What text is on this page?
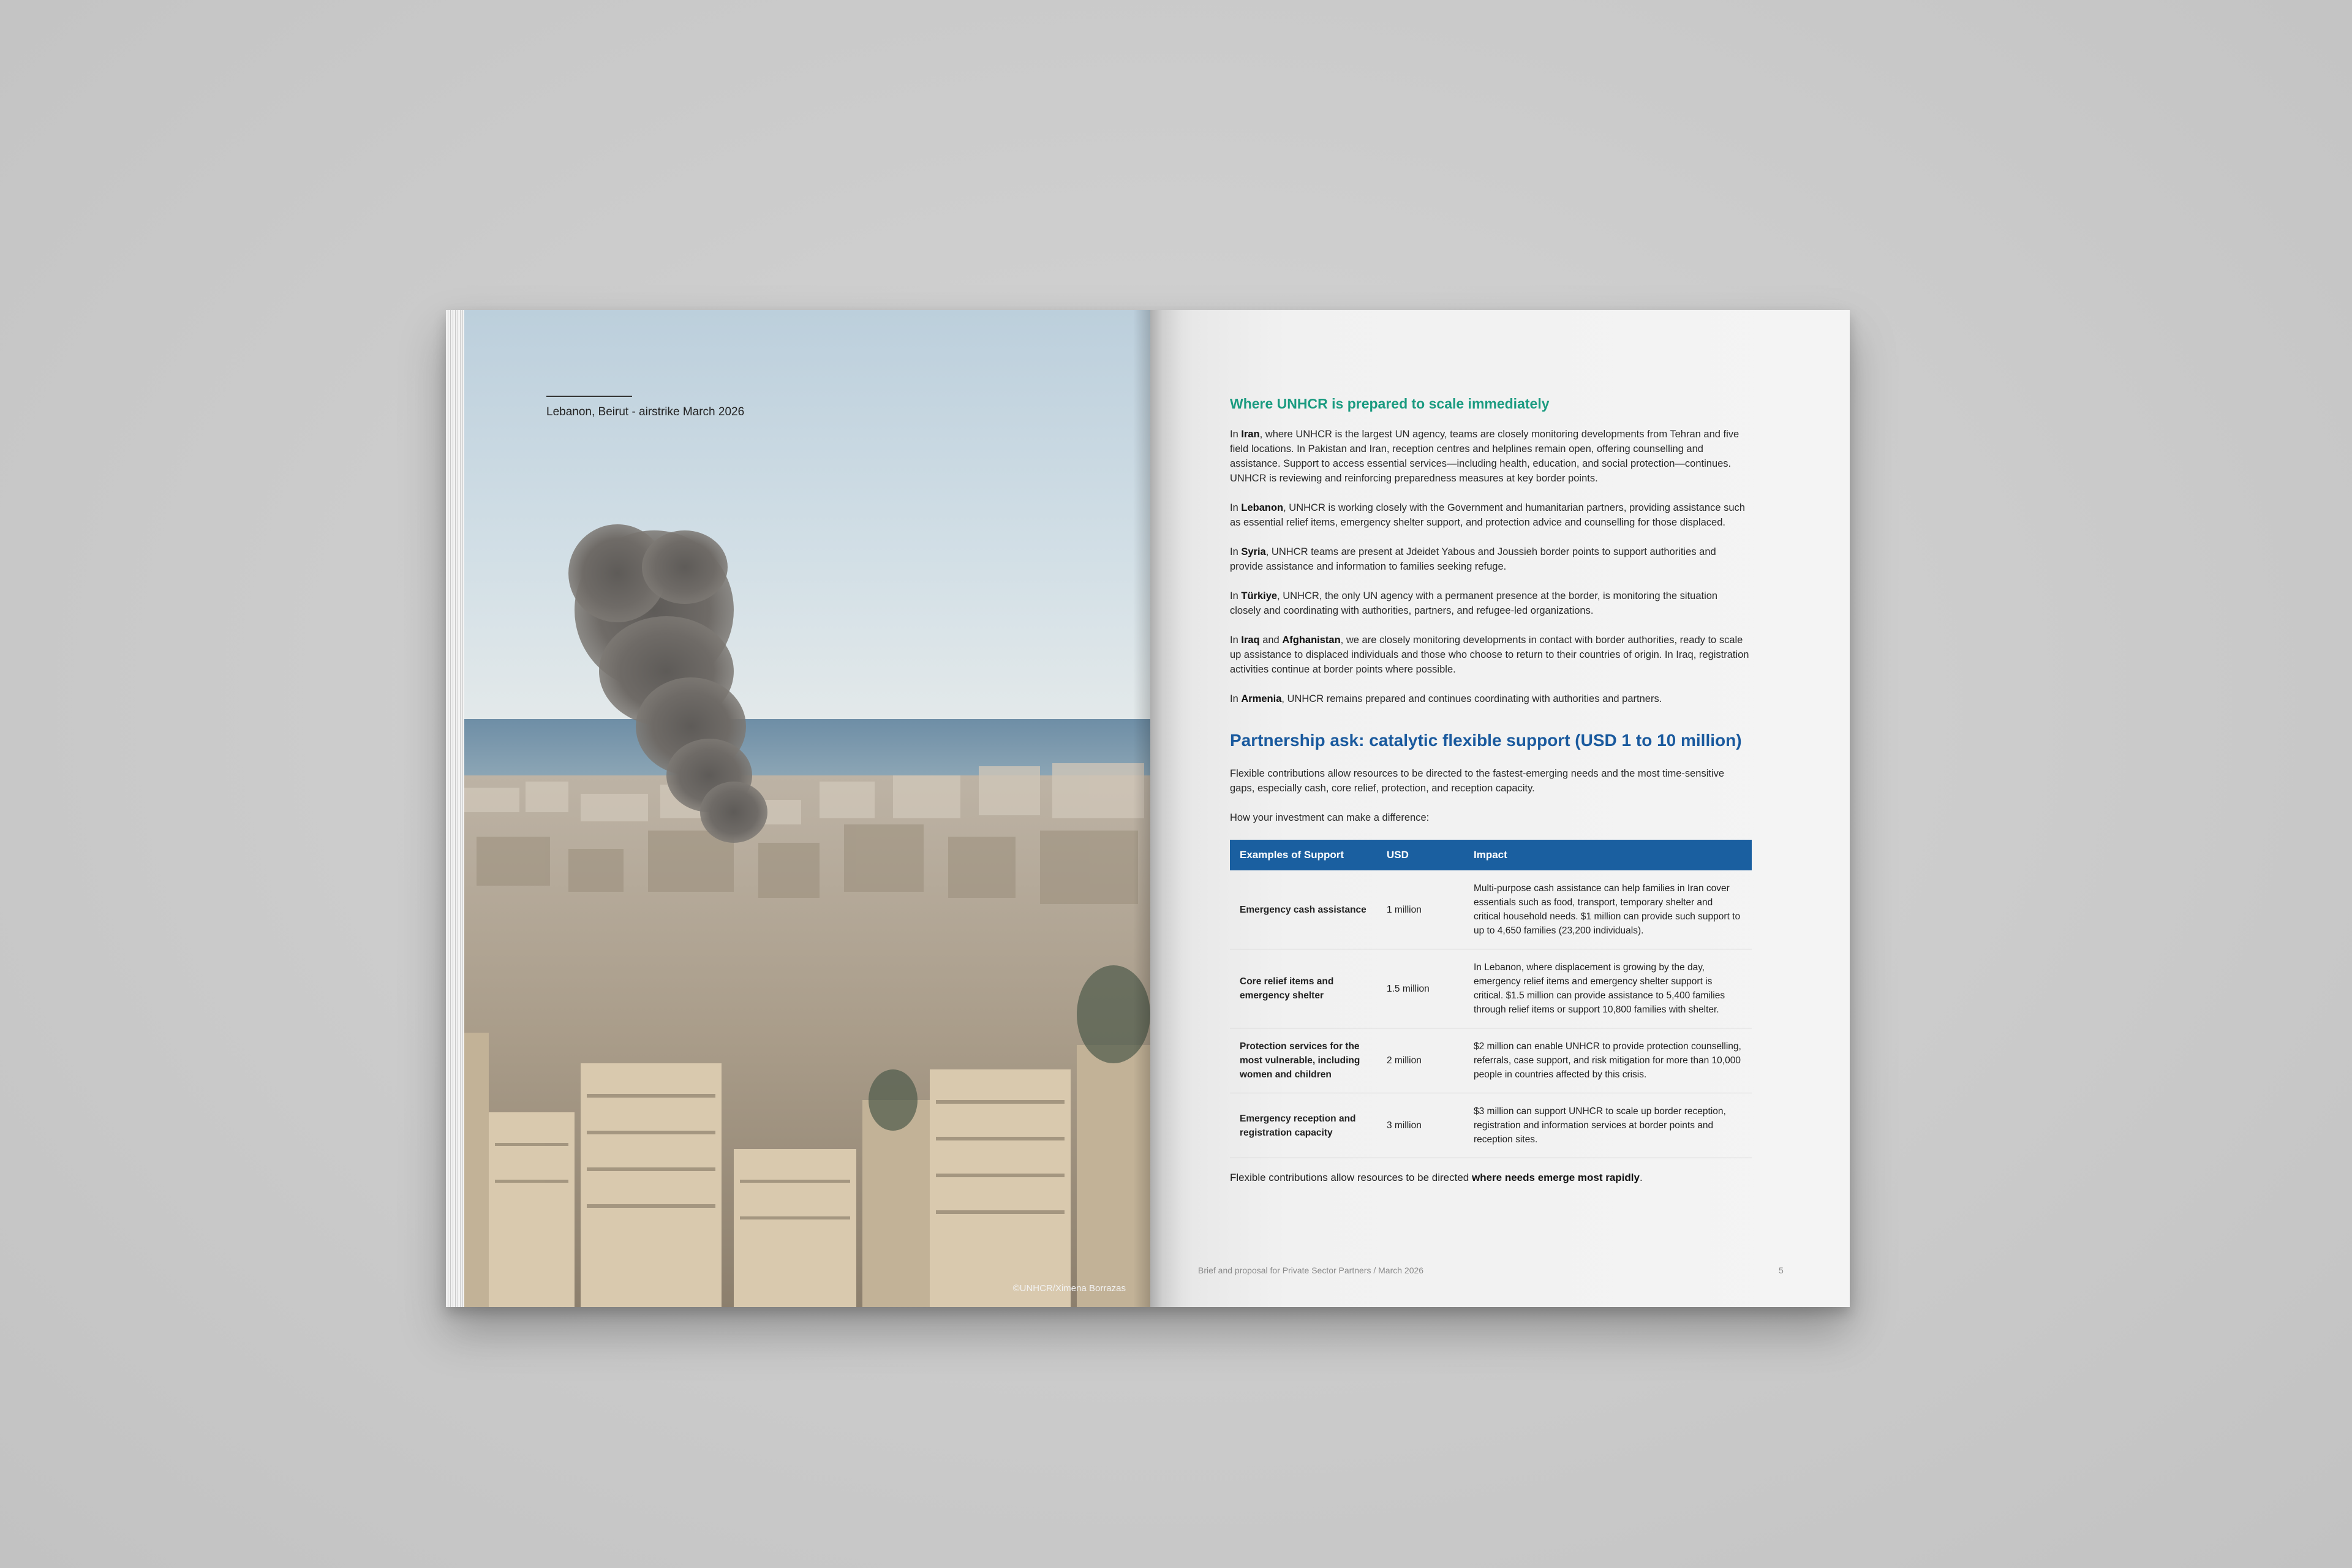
Lebanon, Beirut - airstrike March 2026
©UNHCR/Ximena Borrazas
Where UNHCR is prepared to scale immediately

In Iran, where UNHCR is the largest UN agency, teams are closely monitoring developments from Tehran and five field locations. In Pakistan and Iran, reception centres and helplines remain open, offering counselling and assistance. Support to access essential services—including health, education, and social protection—continues. UNHCR is reviewing and reinforcing preparedness measures at key border points.

In Lebanon, UNHCR is working closely with the Government and humanitarian partners, providing assistance such as essential relief items, emergency shelter support, and protection advice and counselling for those displaced.

In Syria, UNHCR teams are present at Jdeidet Yabous and Joussieh border points to support authorities and provide assistance and information to families seeking refuge.

In Türkiye, UNHCR, the only UN agency with a permanent presence at the border, is monitoring the situation closely and coordinating with authorities, partners, and refugee-led organizations.

In Iraq and Afghanistan, we are closely monitoring developments in contact with border authorities, ready to scale up assistance to displaced individuals and those who choose to return to their countries of origin. In Iraq, registration activities continue at border points where possible.

In Armenia, UNHCR remains prepared and continues coordinating with authorities and partners.

Partnership ask: catalytic flexible support (USD 1 to 10 million)

Flexible contributions allow resources to be directed to the fastest-emerging needs and the most time-sensitive gaps, especially cash, core relief, protection, and reception capacity.

How your investment can make a difference:

Examples of Support	USD	Impact
Emergency cash assistance	1 million	Multi-purpose cash assistance can help families in Iran cover essentials such as food, transport, temporary shelter and critical household needs. $1 million can provide such support to up to 4,650 families (23,200 individuals).
Core relief items and emergency shelter	1.5 million	In Lebanon, where displacement is growing by the day, emergency relief items and emergency shelter support is critical. $1.5 million can provide assistance to 5,400 families through relief items or support 10,800 families with shelter.
Protection services for the most vulnerable, including women and children	2 million	$2 million can enable UNHCR to provide protection counselling, referrals, case support, and risk mitigation for more than 10,000 people in countries affected by this crisis.
Emergency reception and registration capacity	3 million	$3 million can support UNHCR to scale up border reception, registration and information services at border points and reception sites.
Flexible contributions allow resources to be directed where needs emerge most rapidly.
Brief and proposal for Private Sector Partners / March 2026	5
